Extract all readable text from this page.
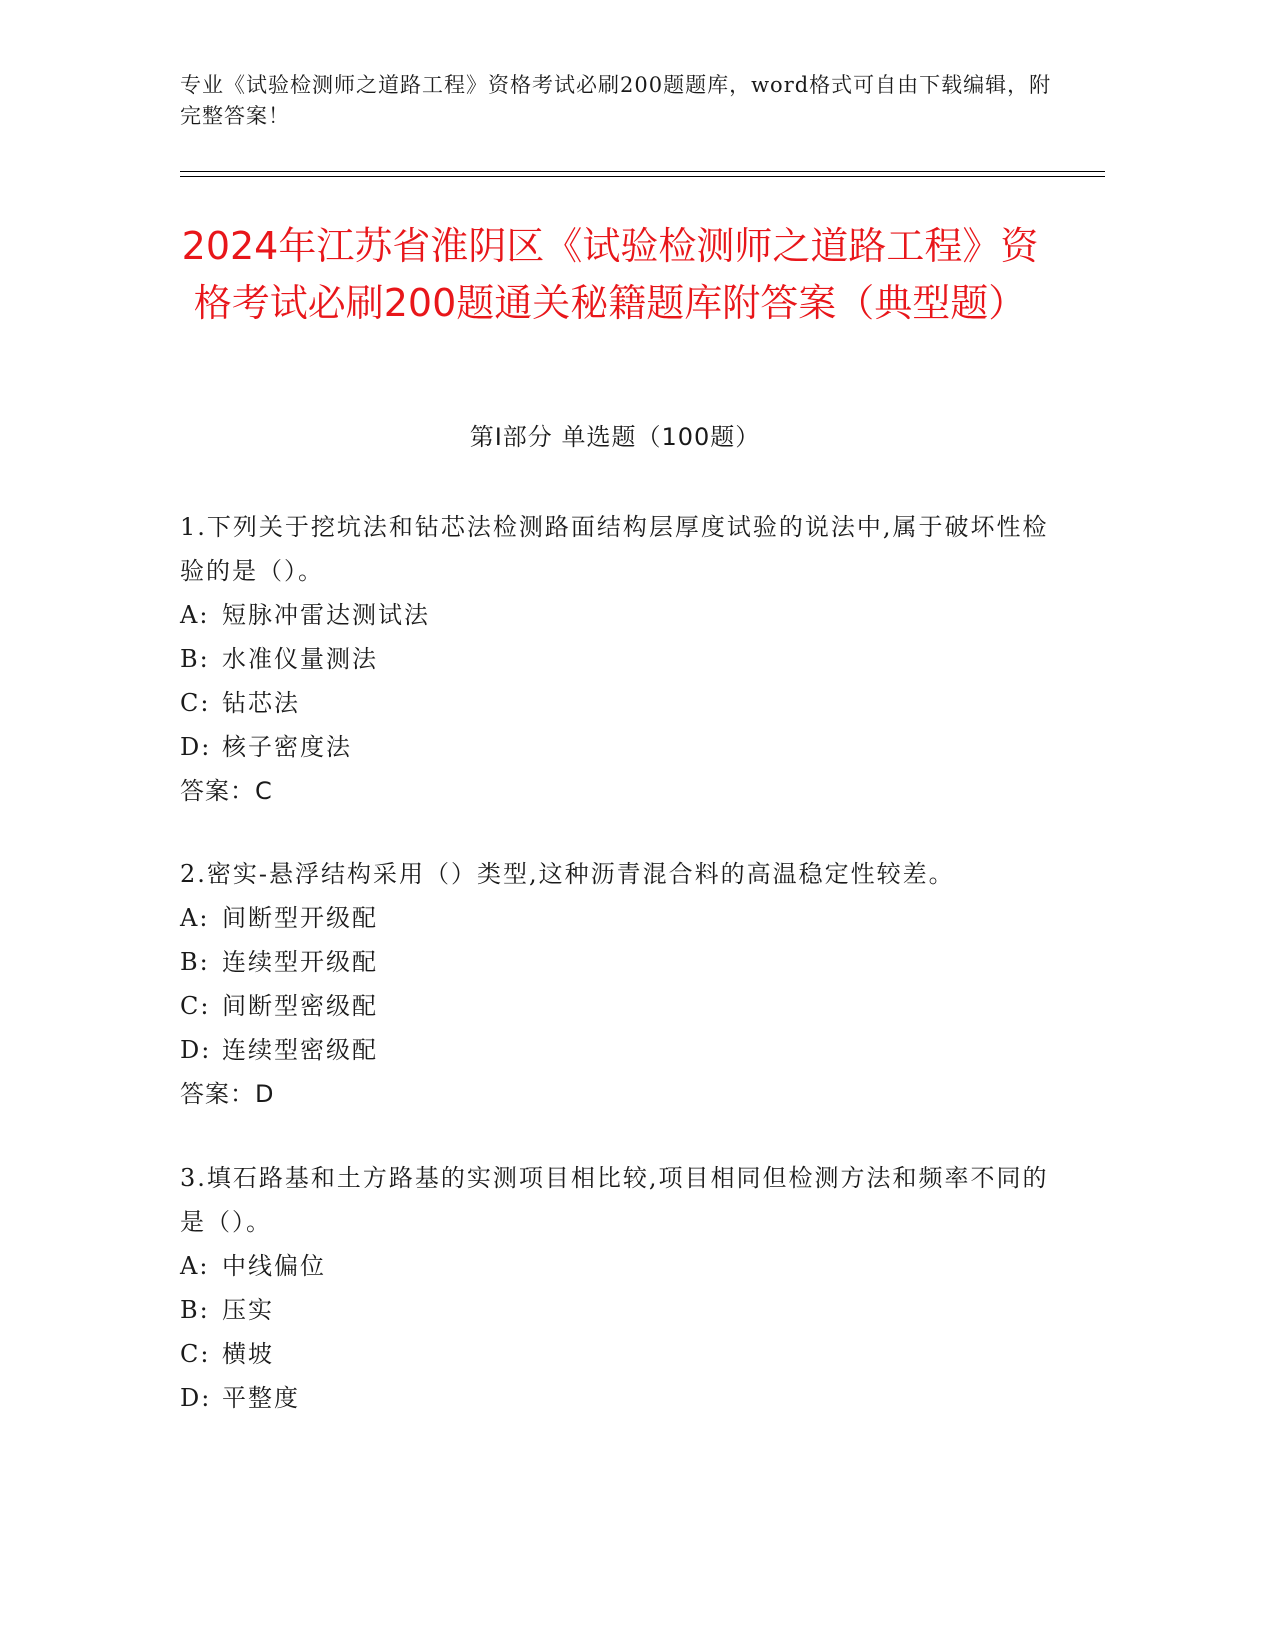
专业《试验检测师之道路工程》资格考试必刷200题题库，word格式可自由下载编辑，附完整答案！
2024年江苏省淮阴区《试验检测师之道路工程》资格考试必刷200题通关秘籍题库附答案（典型题）
第Ⅰ部分 单选题（100题）
1.下列关于挖坑法和钻芯法检测路面结构层厚度试验的说法中,属于破坏性检验的是（）。
A: 短脉冲雷达测试法
B: 水准仪量测法
C: 钻芯法
D: 核子密度法
答案：C
2.密实-悬浮结构采用（）类型,这种沥青混合料的高温稳定性较差。
A: 间断型开级配
B: 连续型开级配
C: 间断型密级配
D: 连续型密级配
答案：D
3.填石路基和土方路基的实测项目相比较,项目相同但检测方法和频率不同的是（）。
A: 中线偏位
B: 压实
C: 横坡
D: 平整度
